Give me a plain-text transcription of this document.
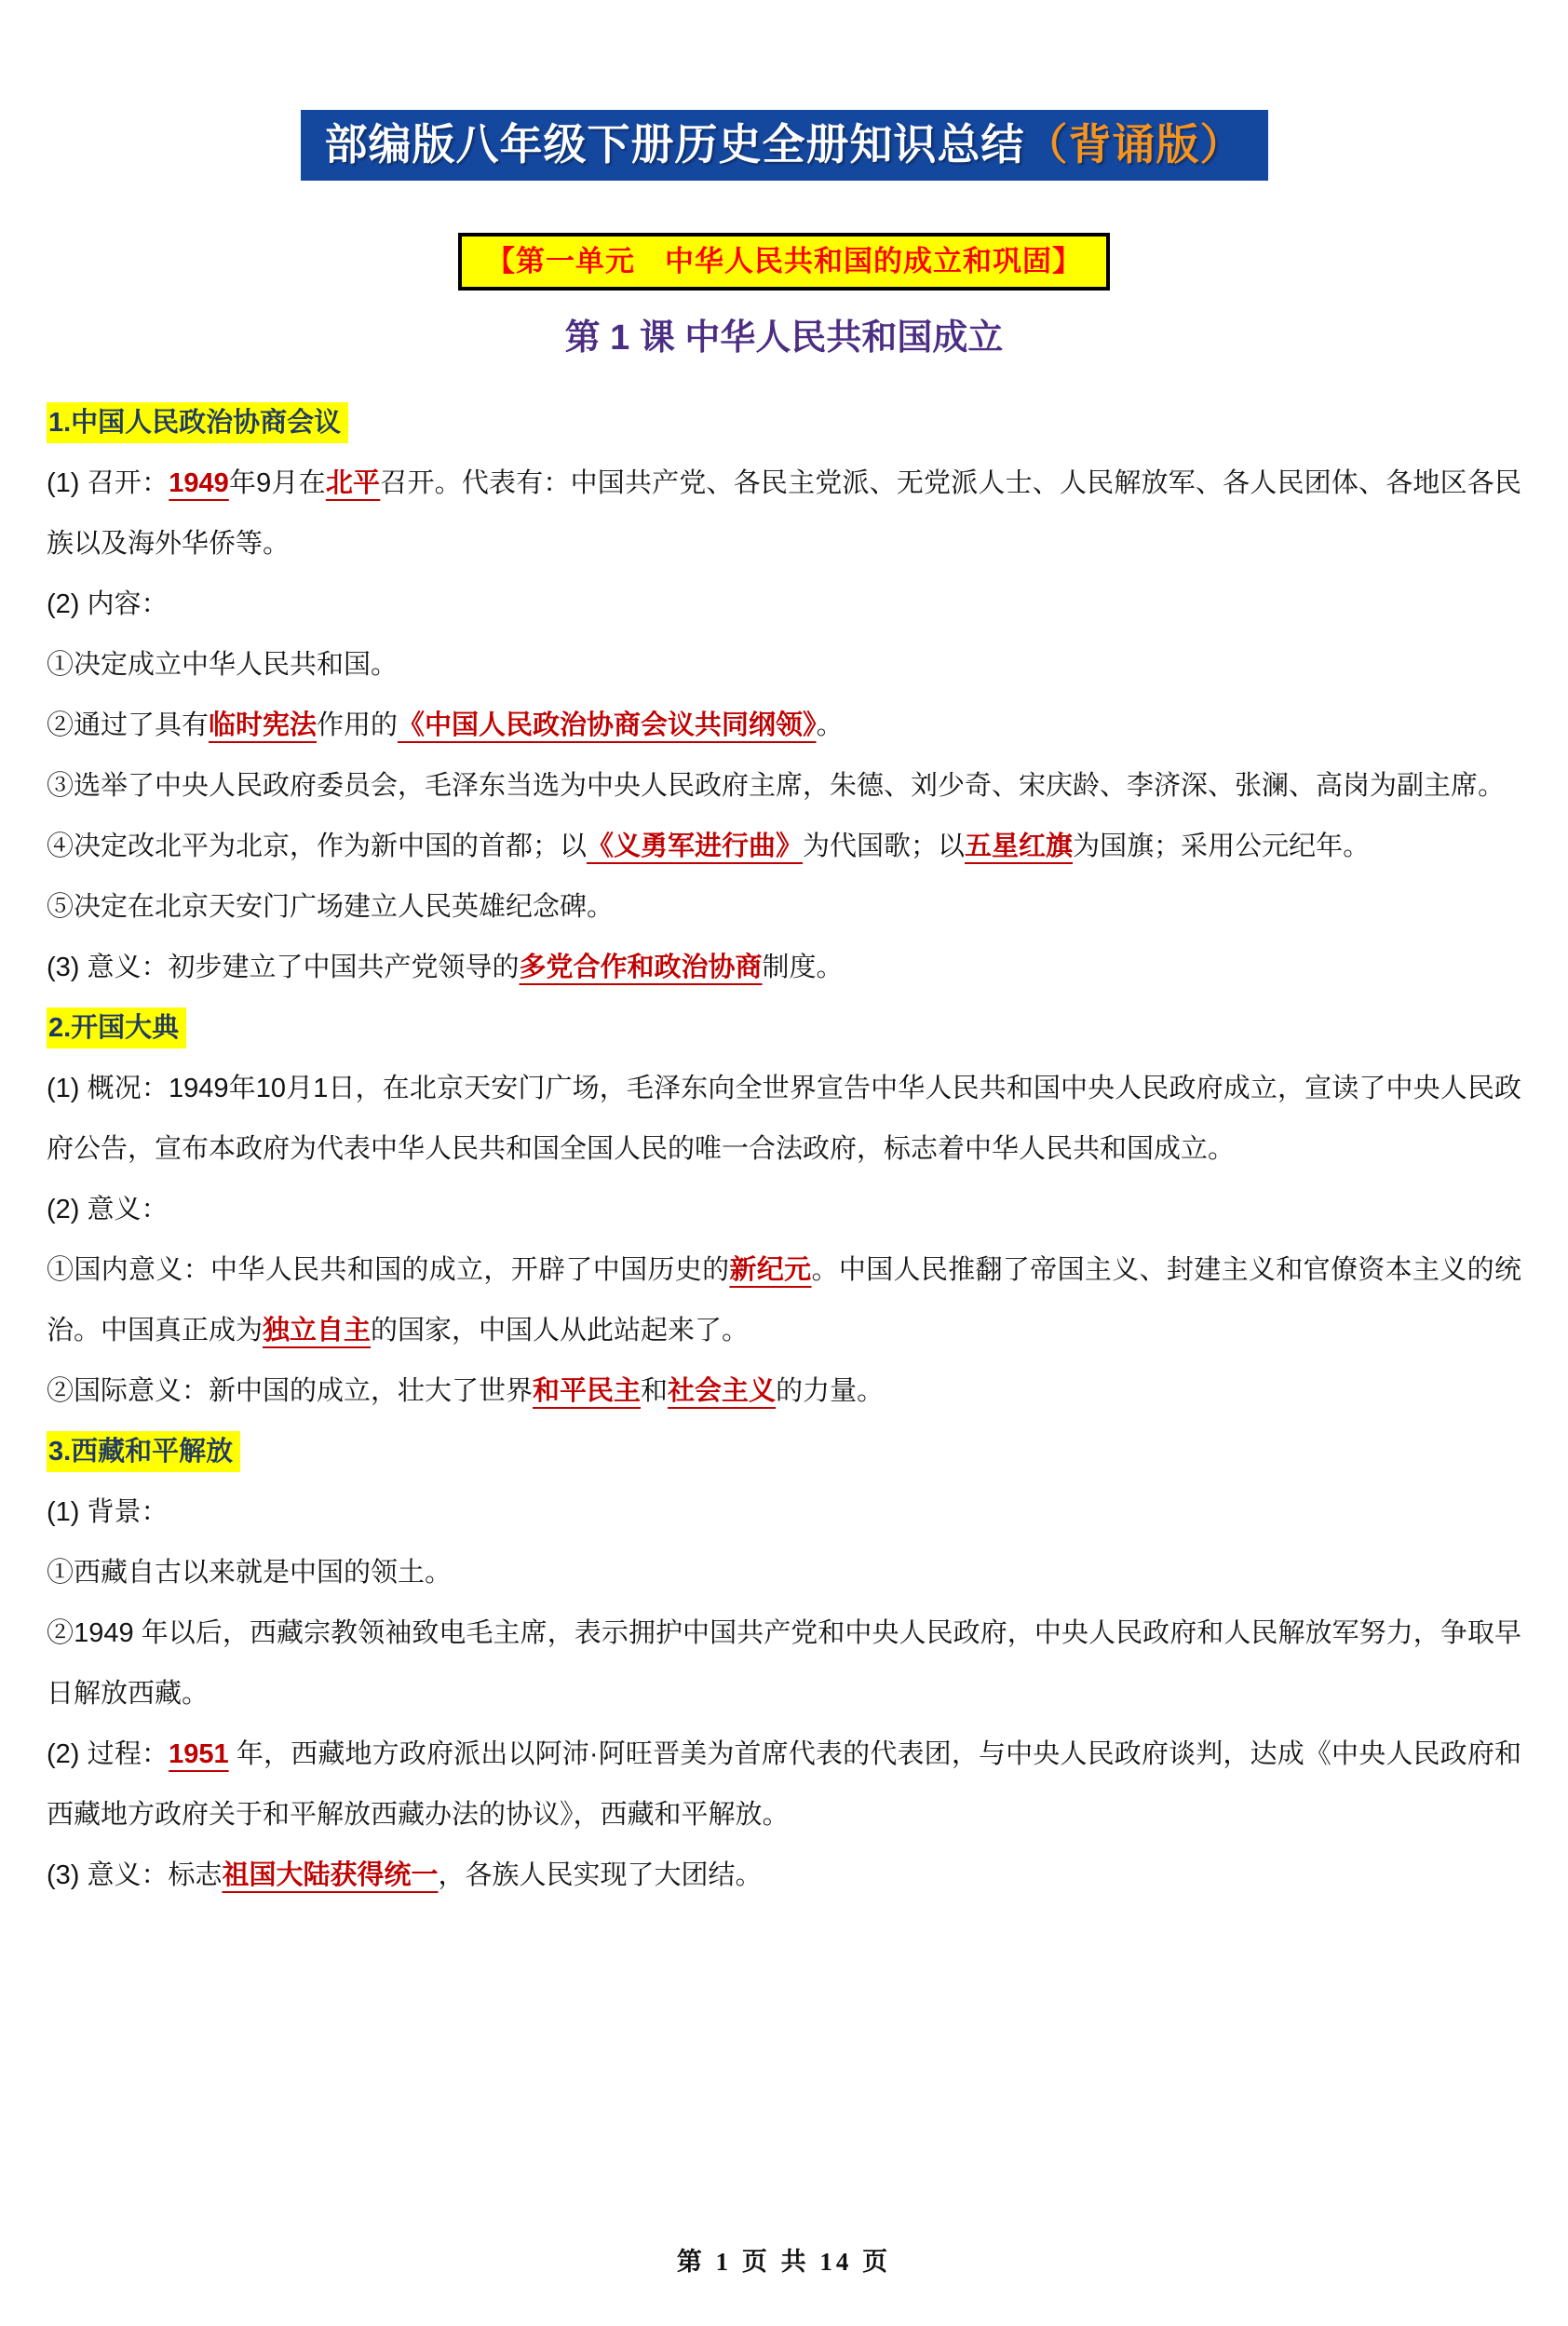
部编版八年级下册历史全册知识总结（背诵版）
【第一单元　中华人民共和国的成立和巩固】
第 1 课 中华人民共和国成立

1.中国人民政治协商会议

(1) 召开：1949年9月在北平召开。代表有：中国共产党、各民主党派、无党派人士、人民解放军、各人民团体、各地区各民族以及海外华侨等。

(2) 内容：

①决定成立中华人民共和国。

②通过了具有临时宪法作用的《中国人民政治协商会议共同纲领》。

③选举了中央人民政府委员会，毛泽东当选为中央人民政府主席，朱德、刘少奇、宋庆龄、李济深、张澜、高岗为副主席。

④决定改北平为北京，作为新中国的首都；以《义勇军进行曲》为代国歌；以五星红旗为国旗；采用公元纪年。

⑤决定在北京天安门广场建立人民英雄纪念碑。

(3) 意义：初步建立了中国共产党领导的多党合作和政治协商制度。

2.开国大典

(1) 概况：1949年10月1日，在北京天安门广场，毛泽东向全世界宣告中华人民共和国中央人民政府成立，宣读了中央人民政府公告，宣布本政府为代表中华人民共和国全国人民的唯一合法政府，标志着中华人民共和国成立。

(2) 意义：

①国内意义：中华人民共和国的成立，开辟了中国历史的新纪元。中国人民推翻了帝国主义、封建主义和官僚资本主义的统治。中国真正成为独立自主的国家，中国人从此站起来了。

②国际意义：新中国的成立，壮大了世界和平民主和社会主义的力量。

3.西藏和平解放

(1) 背景：

①西藏自古以来就是中国的领土。

②1949 年以后，西藏宗教领袖致电毛主席，表示拥护中国共产党和中央人民政府，中央人民政府和人民解放军努力，争取早日解放西藏。

(2) 过程：1951 年，西藏地方政府派出以阿沛·阿旺晋美为首席代表的代表团，与中央人民政府谈判，达成《中央人民政府和西藏地方政府关于和平解放西藏办法的协议》，西藏和平解放。

(3) 意义：标志祖国大陆获得统一，各族人民实现了大团结。

第 1 页 共 14 页
